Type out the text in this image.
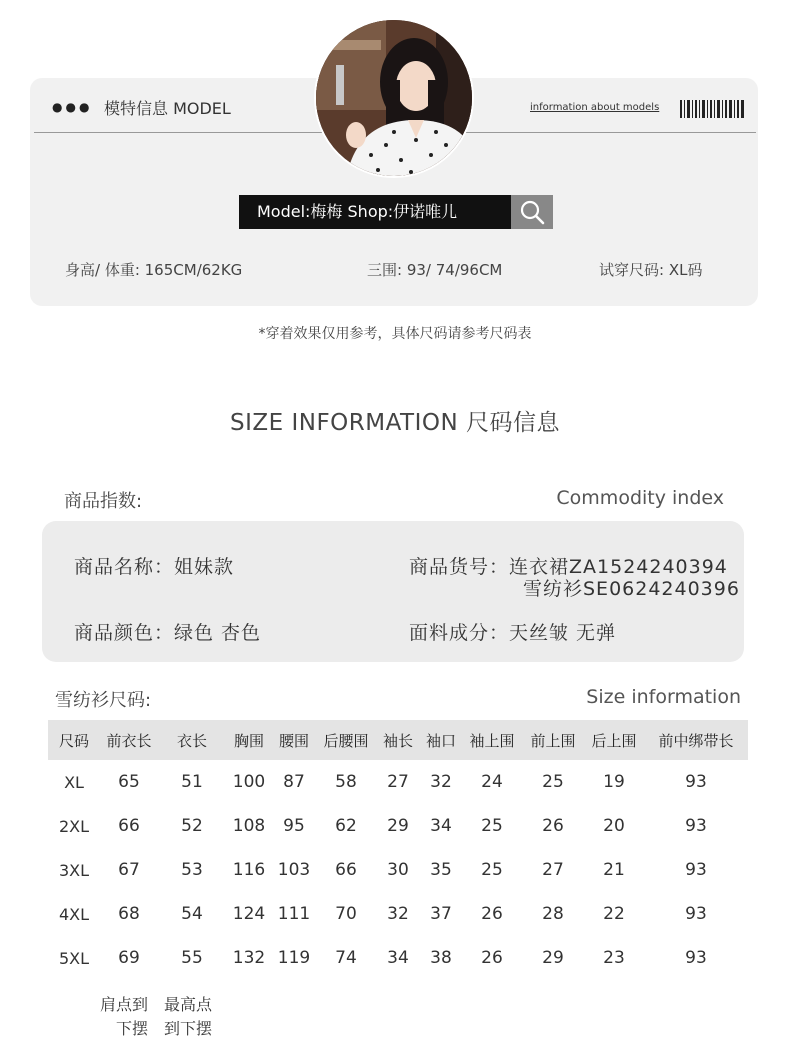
●●● 模特信息 MODEL	information about models
Model:梅梅 Shop:伊诺唯儿
身高/ 体重: 165CM/62KG	三围: 93/ 74/96CM	试穿尺码: XL码
*穿着效果仅用参考，具体尺码请参考尺码表
SIZE INFORMATION 尺码信息
商品指数:	Commodity index
商品名称：姐妹款	商品货号：连衣裙ZA1524240394
雪纺衫SE0624240396
商品颜色：绿色 杏色	面料成分：天丝皱 无弹
雪纺衫尺码:	Size information
尺码	前衣长	衣长	胸围	腰围	后腰围	袖长	袖口	袖上围	前上围	后上围	前中绑带长
XL	65	51	100	87	58	27	32	24	25	19	93
2XL	66	52	108	95	62	29	34	25	26	20	93
3XL	67	53	116	103	66	30	35	25	27	21	93
4XL	68	54	124	111	70	32	37	26	28	22	93
5XL	69	55	132	119	74	34	38	26	29	23	93
肩点到
下摆
最高点
到下摆
